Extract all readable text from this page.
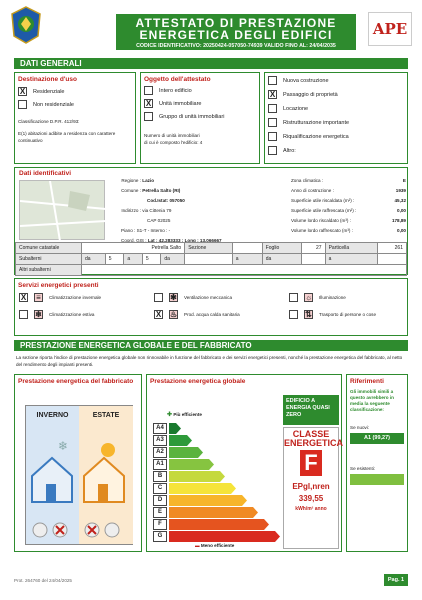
ATTESTATO DI PRESTAZIONE
ENERGETICA DEGLI EDIFICI
CODICE IDENTIFICATIVO: 20250424-057050-74939 VALIDO FINO AL: 24/04/2035
APE
DATI GENERALI
Destinazione d'uso
X	Residenziale
Non residenziale
Classificazione D.P.R. 412/93:
E(1) abitazioni adibite a residenza con carattere continuativo
Oggetto dell'attestato
Intero edificio
X	Unità immobiliare
Gruppo di unità immobiliari
Numero di unità immobiliari
di cui è composto l'edificio: 4
Nuova costruzione
X	Passaggio di proprietà
Locazione
Ristrutturazione importante
Riqualificazione energetica
Altro:
Dati identificativi
Regione : Lazio
Comune : Petrella Salto (RI)
Cod.Istat: 057050
Indirizzo : via Cittenia 79
CAP 02025
Piano : S1-T - Interno : -
Coord. GIS : Lat : 42.283333 ; Long : 13.066667
Zona climatica :	E
Anno di costruzione :	1939
Superficie utile riscaldata (m²) :	45,32
Superficie utile raffrescata (m²) :	0,00
Volume lordo riscaldato (m³) :	178,89
Volume lordo raffrescato (m³) :	0,00
Comune catastale	Petrella Salto					Sezione		Foglio	27	Particella	261
Subalterni	da	5	a	5	da		a	da		a	
Altri subalterni											
Servizi energetici presenti
X ≡	Climatizzazione invernale	✱ Ventilazione meccanica	☼ Illuminazione
❄ Climatizzazione estiva	X ♨ Prod. acqua calda sanitaria	⇅ Trasporto di persone o cose
PRESTAZIONE ENERGETICA GLOBALE E DEL FABBRICATO
La sezione riporta l'indice di prestazione energetica globale non rinnovabile in funzione del fabbricato e dei servizi energetici presenti, nonché la prestazione energetica del fabbricato, al netto del rendimento degli impianti presenti.
Prestazione energetica del fabbricato
INVERNO	ESTATE
❄
Prestazione energetica globale
✚ Più efficiente
▬ Meno efficiente
EDIFICIO A ENERGIA QUASI ZERO
CLASSE ENERGETICA
F
EPgl,nren
339,55
kWh/m² anno
A4
A3
A2
A1
B
C
D
E
F
G
Riferimenti
Gli immobili simili a questo avrebbero in media la seguente classificazione:
Se nuovi:
A1 (99,27)
Se esistenti:
Prot. 264760 del 24/04/2025	Pag. 1
